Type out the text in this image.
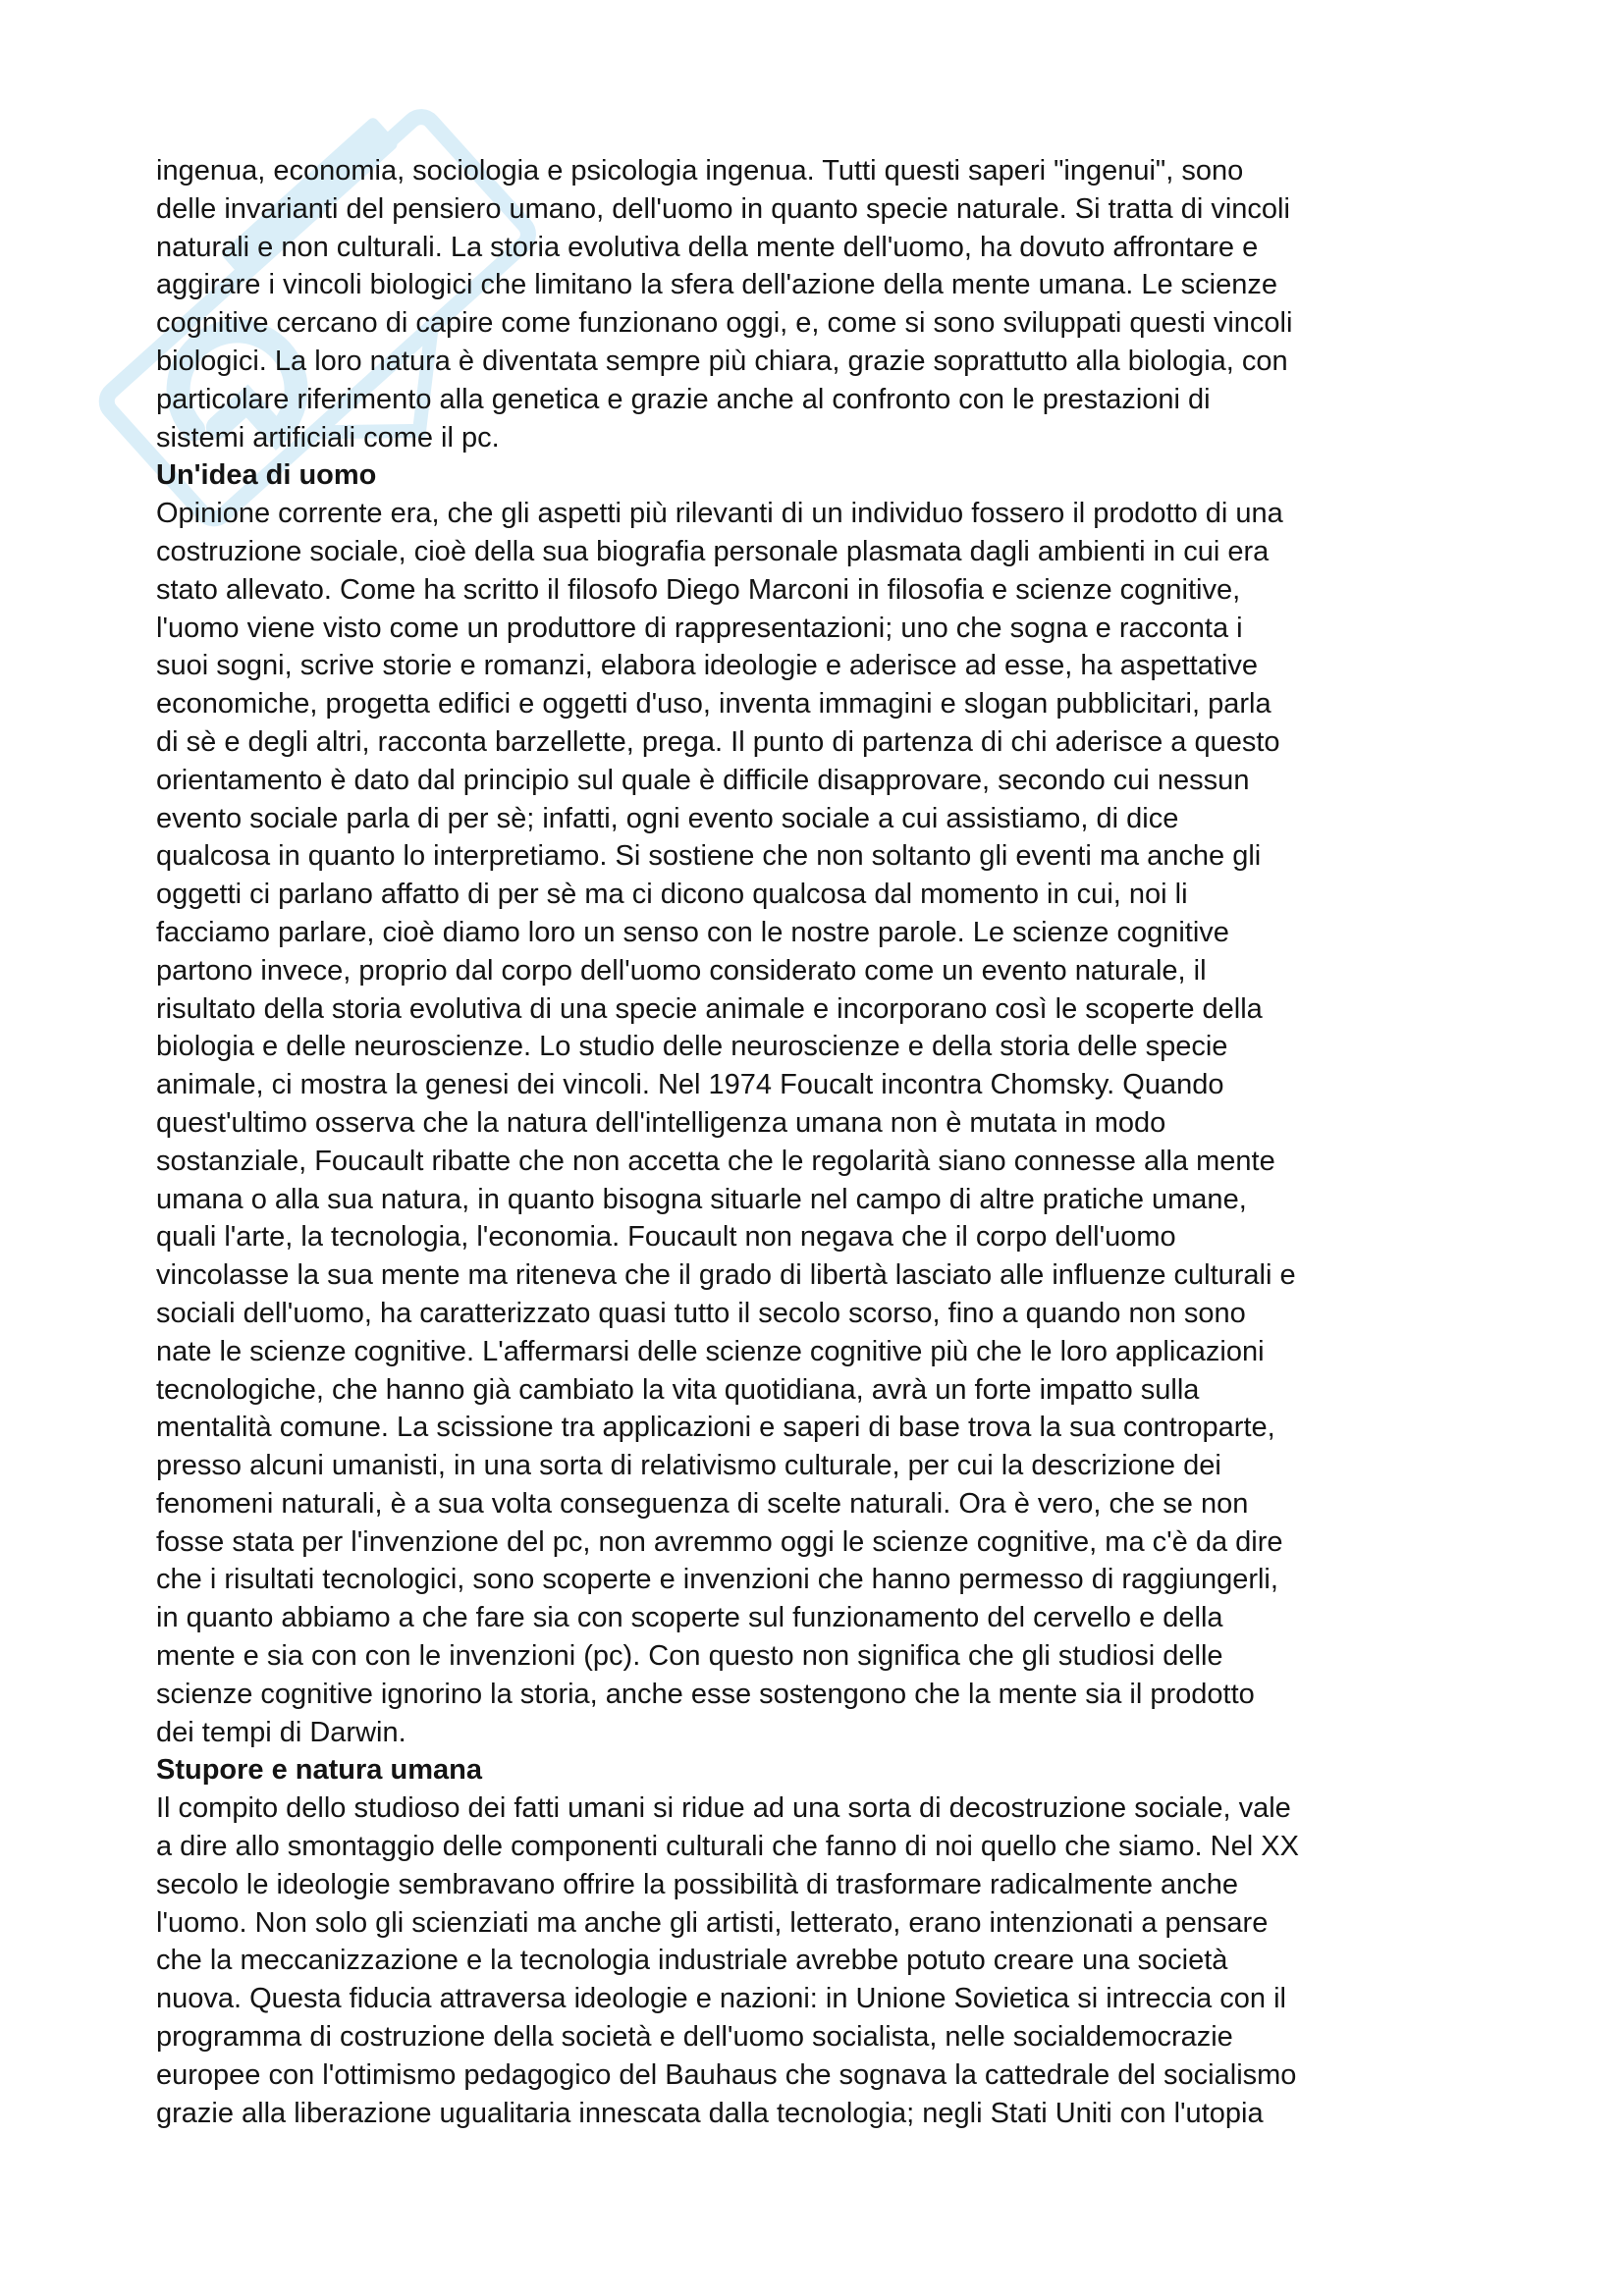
ingenua, economia, sociologia e psicologia ingenua. Tutti questi saperi "ingenui", sono
delle invarianti del pensiero umano, dell'uomo in quanto specie naturale. Si tratta di vincoli
naturali e non culturali. La storia evolutiva della mente dell'uomo, ha dovuto affrontare e
aggirare i vincoli biologici che limitano la sfera dell'azione della mente umana. Le scienze
cognitive cercano di capire come funzionano oggi, e, come si sono sviluppati questi vincoli
biologici. La loro natura è diventata sempre più chiara, grazie soprattutto alla biologia, con
particolare riferimento alla genetica e grazie anche al confronto con le prestazioni di
sistemi artificiali come il pc.
Un'idea di uomo
Opinione corrente era, che gli aspetti più rilevanti di un individuo fossero il prodotto di una
costruzione sociale, cioè della sua biografia personale plasmata dagli ambienti in cui era
stato allevato. Come ha scritto il filosofo Diego Marconi in filosofia e scienze cognitive,
l'uomo viene visto come un produttore di rappresentazioni; uno che sogna e racconta i
suoi sogni, scrive storie e romanzi, elabora ideologie e aderisce ad esse, ha aspettative
economiche, progetta edifici e oggetti d'uso, inventa immagini e slogan pubblicitari, parla
di sè e degli altri, racconta barzellette, prega. Il punto di partenza di chi aderisce a questo
orientamento è dato dal principio sul quale è difficile disapprovare, secondo cui nessun
evento sociale parla di per sè; infatti, ogni evento sociale a cui assistiamo, di dice
qualcosa in quanto lo interpretiamo. Si sostiene che non soltanto gli eventi ma anche gli
oggetti ci parlano affatto di per sè ma ci dicono qualcosa dal momento in cui, noi li
facciamo parlare, cioè diamo loro un senso con le nostre parole. Le scienze cognitive
partono invece, proprio dal corpo dell'uomo considerato come un evento naturale, il
risultato della storia evolutiva di una specie animale e incorporano così le scoperte della
biologia e delle neuroscienze. Lo studio delle neuroscienze e della storia delle specie
animale, ci mostra la genesi dei vincoli. Nel 1974 Foucalt incontra Chomsky. Quando
quest'ultimo osserva che la natura dell'intelligenza umana non è mutata in modo
sostanziale, Foucault ribatte che non accetta che le regolarità siano connesse alla mente
umana o alla sua natura, in quanto bisogna situarle nel campo di altre pratiche umane,
quali l'arte, la tecnologia, l'economia. Foucault non negava che il corpo dell'uomo
vincolasse la sua mente ma riteneva che il grado di libertà lasciato alle influenze culturali e
sociali dell'uomo, ha caratterizzato quasi tutto il secolo scorso, fino a quando non sono
nate le scienze cognitive. L'affermarsi delle scienze cognitive più che le loro applicazioni
tecnologiche, che hanno già cambiato la vita quotidiana, avrà un forte impatto sulla
mentalità comune. La scissione tra applicazioni e saperi di base trova la sua controparte,
presso alcuni umanisti, in una sorta di relativismo culturale, per cui la descrizione dei
fenomeni naturali, è a sua volta conseguenza di scelte naturali. Ora è vero, che se non
fosse stata per l'invenzione del pc, non avremmo oggi le scienze cognitive, ma c'è da dire
che i risultati tecnologici, sono scoperte e invenzioni che hanno permesso di raggiungerli,
in quanto abbiamo a che fare sia con scoperte sul funzionamento del cervello e della
mente e sia con con le invenzioni (pc). Con questo non significa che gli studiosi delle
scienze cognitive ignorino la storia, anche esse sostengono che la mente sia il prodotto
dei tempi di Darwin.
Stupore e natura umana
Il compito dello studioso dei fatti umani si ridue ad una sorta di decostruzione sociale, vale
a dire allo smontaggio delle componenti culturali che fanno di noi quello che siamo. Nel XX
secolo le ideologie sembravano offrire la possibilità di trasformare radicalmente anche
l'uomo. Non solo gli scienziati ma anche gli artisti, letterato, erano intenzionati a pensare
che la meccanizzazione e la tecnologia industriale avrebbe potuto creare una società
nuova. Questa fiducia attraversa ideologie e nazioni: in Unione Sovietica si intreccia con il
programma di costruzione della società e dell'uomo socialista, nelle socialdemocrazie
europee con l'ottimismo pedagogico del Bauhaus che sognava la cattedrale del socialismo
grazie alla liberazione ugualitaria innescata dalla tecnologia; negli Stati Uniti con l'utopia
